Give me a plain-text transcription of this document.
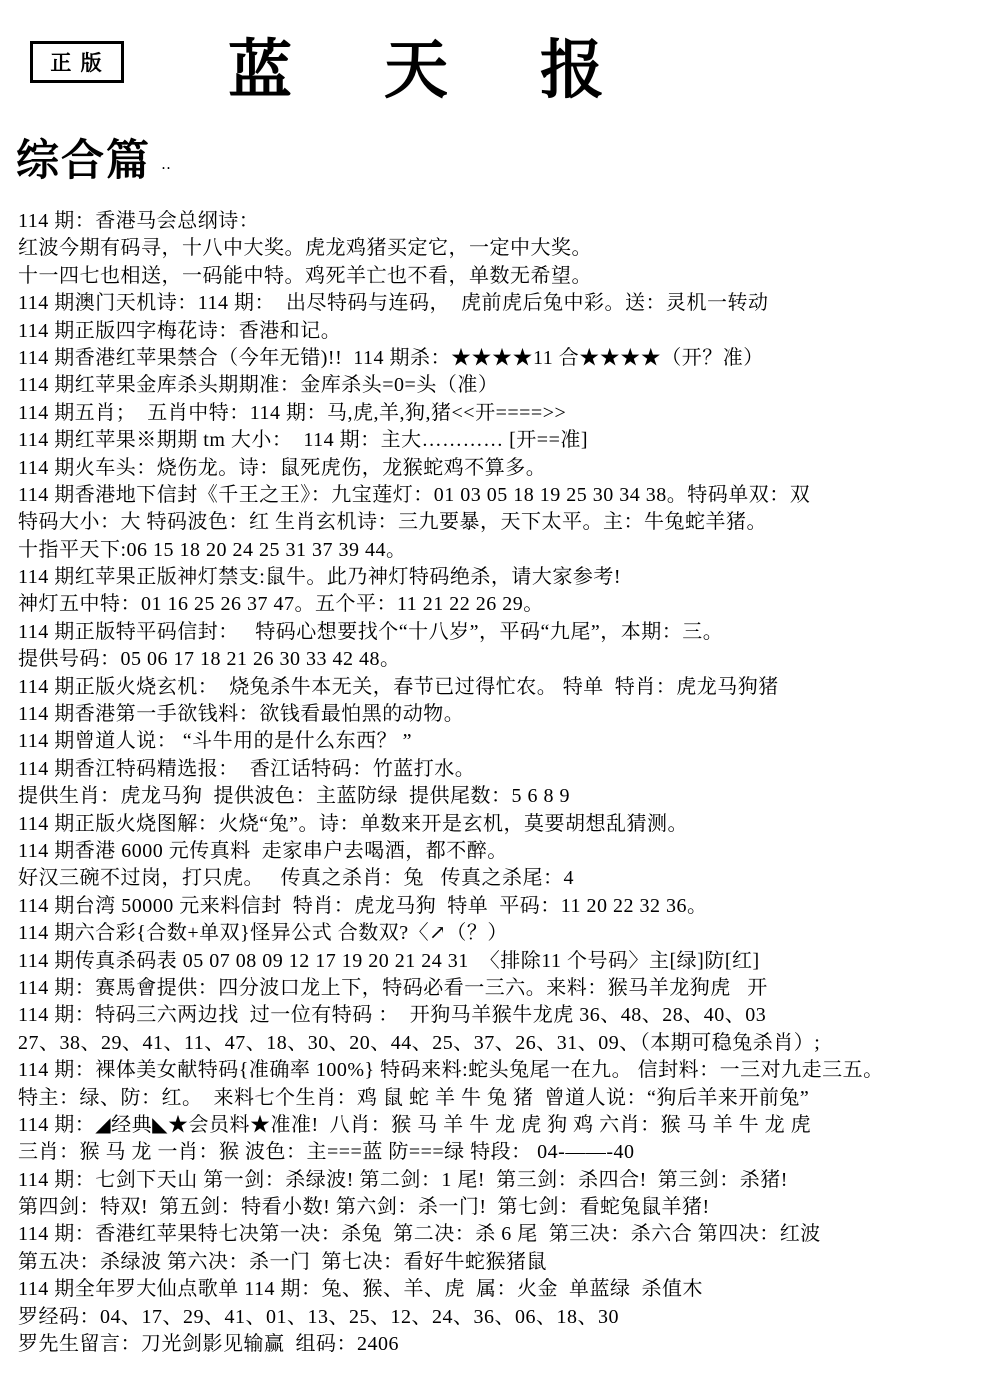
正 版 蓝　天　报
综合篇 ‥
114 期：香港马会总纲诗：
红波今期有码寻，十八中大奖。虎龙鸡猪买定它，一定中大奖。
十一四七也相送，一码能中特。鸡死羊亡也不看，单数无希望。
114 期澳门天机诗：114 期：  出尽特码与连码，  虎前虎后兔中彩。送：灵机一转动
114 期正版四字梅花诗：香港和记。
114 期香港红苹果禁合（今年无错)!!  114 期杀：★★★★11 合★★★★（开？准）
114 期红苹果金库杀头期期准：金库杀头=0=头（准）
114 期五肖；  五肖中特：114 期：马,虎,羊,狗,猪<<开====>>
114 期红苹果※期期 tm 大小：  114 期：主大………… [开==准]
114 期火车头：烧伤龙。诗：鼠死虎伤，龙猴蛇鸡不算多。
114 期香港地下信封《千王之王》：九宝莲灯：01 03 05 18 19 25 30 34 38。特码单双：双
特码大小：大 特码波色：红 生肖玄机诗：三九要暴，天下太平。主：牛兔蛇羊猪。
十指平天下:06 15 18 20 24 25 31 37 39 44。
114 期红苹果正版神灯禁支:鼠牛。此乃神灯特码绝杀，请大家参考!
神灯五中特：01 16 25 26 37 47。五个平：11 21 22 26 29。
114 期正版特平码信封：   特码心想要找个“十八岁”，平码“九尾”，本期：三。
提供号码：05 06 17 18 21 26 30 33 42 48。
114 期正版火烧玄机：  烧兔杀牛本无关，春节已过得忙农。 特单  特肖：虎龙马狗猪
114 期香港第一手欲钱料：欲钱看最怕黑的动物。
114 期曾道人说： “斗牛用的是什么东西？ ”
114 期香江特码精选报：  香江话特码：竹蓝打水。
提供生肖：虎龙马狗  提供波色：主蓝防绿  提供尾数：5 6 8 9
114 期正版火烧图解：火烧“兔”。诗：单数来开是玄机，莫要胡想乱猜测。
114 期香港 6000 元传真料  走家串户去喝酒，都不醉。
好汉三碗不过岗，打只虎。   传真之杀肖：兔   传真之杀尾：4
114 期台湾 50000 元来料信封  特肖：虎龙马狗  特单  平码：11 20 22 32 36。
114 期六合彩{合数+单双}怪异公式 合数双?〈↗（？）
114 期传真杀码表 05 07 08 09 12 17 19 20 21 24 31  〈排除11 个号码〉主[绿]防[红]
114 期：赛馬會提供：四分波口龙上下，特码必看一三六。来料：猴马羊龙狗虎   开
114 期：特码三六两边找  过一位有特码 ：  开狗马羊猴牛龙虎 36、48、28、40、03
27、38、29、41、11、47、18、30、20、44、25、37、26、31、09、（本期可稳兔杀肖）;
114 期：裸体美女献特码{准确率 100%} 特码来料:蛇头兔尾一在九。 信封料：一三对九走三五。
特主：绿、防：红。  来料七个生肖：鸡 鼠 蛇 羊 牛 兔 猪  曾道人说：“狗后羊来开前兔”
114 期：◢经典◣★会员料★准准!  八肖：猴 马 羊 牛 龙 虎 狗 鸡 六肖：猴 马 羊 牛 龙 虎
三肖：猴 马 龙 一肖：猴 波色：主===蓝 防===绿 特段： 04-——-40
114 期：七剑下天山 第一剑：杀绿波! 第二剑：1 尾!  第三剑：杀四合!  第三剑：杀猪!
第四剑：特双!  第五剑：特看小数! 第六剑：杀一门!  第七剑：看蛇兔鼠羊猪!
114 期：香港红苹果特七决第一决：杀兔  第二决：杀 6 尾  第三决：杀六合 第四决：红波
第五决：杀绿波 第六决：杀一门  第七决：看好牛蛇猴猪鼠
114 期全年罗大仙点歌单 114 期：兔、猴、羊、虎  属：火金  单蓝绿  杀值木
罗经码：04、17、29、41、01、13、25、12、24、36、06、18、30
罗先生留言：刀光剑影见输赢  组码：2406
